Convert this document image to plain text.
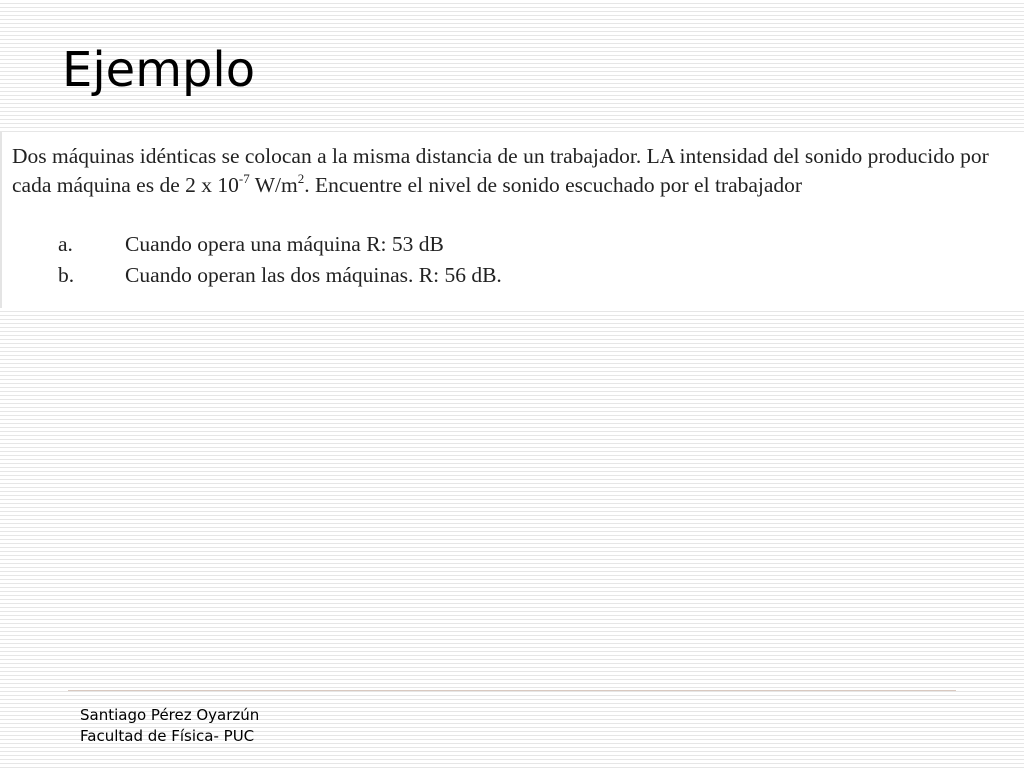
Ejemplo

Dos máquinas idénticas se colocan a la misma distancia de un trabajador. LA intensidad del sonido producido por cada máquina es de 2 x $10^{-7}$ $W/m^2$. Encuentre el nivel de sonido escuchado por el trabajador

a.	Cuando opera una máquina R: 53 dB
b.	Cuando operan las dos máquinas. R: 56 dB.
Santiago Pérez Oyarzún
Facultad de Física- PUC
